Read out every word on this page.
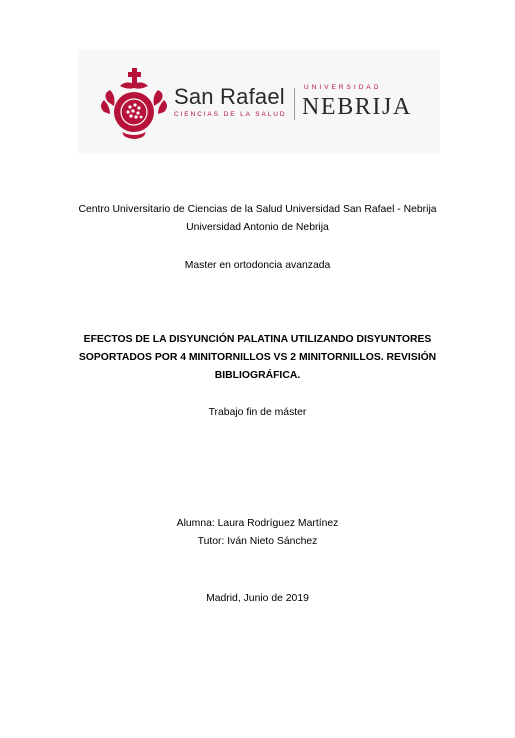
San Rafael
CIENCIAS DE LA SALUD
UNIVERSIDAD
NEBRIJA
Centro Universitario de Ciencias de la Salud Universidad San Rafael - Nebrija
Universidad Antonio de Nebrija
Master en ortodoncia avanzada
EFECTOS DE LA DISYUNCIÓN PALATINA UTILIZANDO DISYUNTORES
SOPORTADOS POR 4 MINITORNILLOS VS 2 MINITORNILLOS. REVISIÓN
BIBLIOGRÁFICA.
Trabajo fin de máster
Alumna: Laura Rodríguez Martínez
Tutor: Iván Nieto Sánchez
Madrid, Junio de 2019
